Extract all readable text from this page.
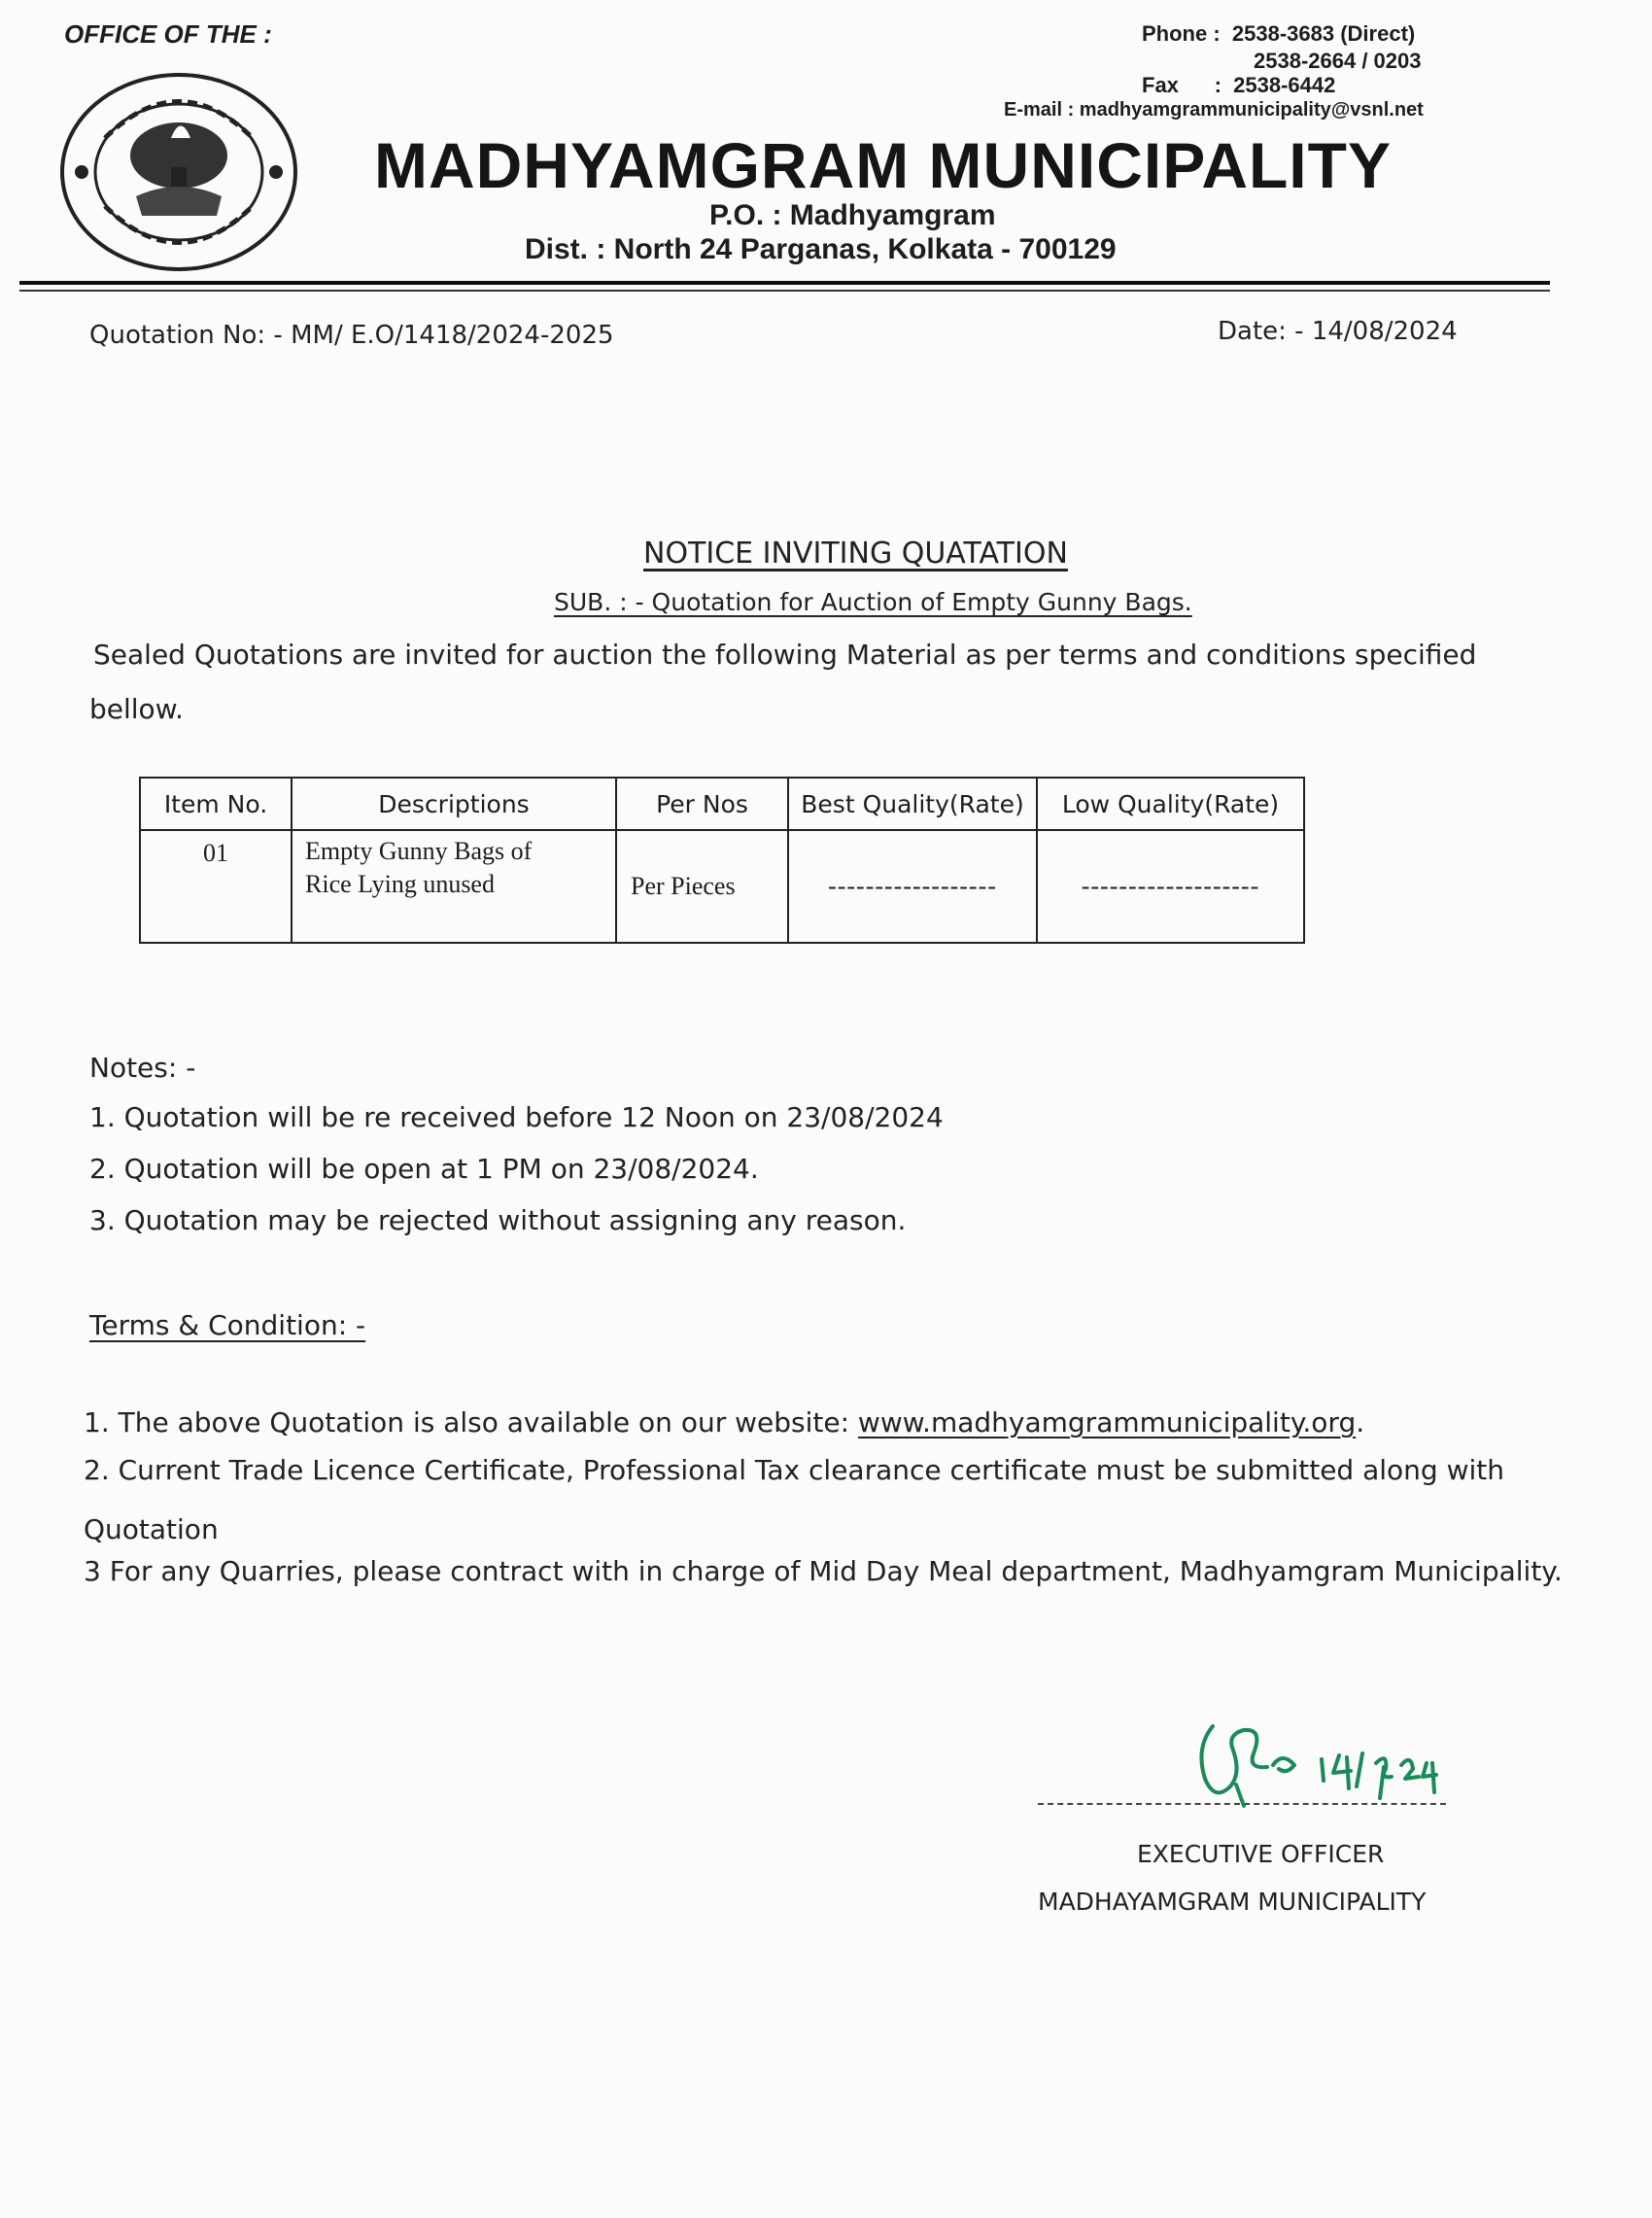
OFFICE OF THE :	Phone :  2538-3683 (Direct)
2538-2664 / 0203
Fax      :  2538-6442
E-mail : madhyamgrammunicipality@vsnl.net
MADHYAMGRAM MUNICIPALITY
P.O. : Madhyamgram
Dist. : North 24 Parganas, Kolkata - 700129
Quotation No: - MM/ E.O/1418/2024-2025	Date: - 14/08/2024
NOTICE INVITING QUATATION
SUB. : - Quotation for Auction of Empty Gunny Bags.
Sealed Quotations are invited for auction the following Material as per terms and conditions specified
bellow.
Item No.	Descriptions	Per Nos	Best Quality(Rate)	Low Quality(Rate)
01	Empty Gunny Bags of
Rice Lying unused	Per Pieces	------------------	-------------------
Notes: -
1. Quotation will be re received before 12 Noon on 23/08/2024
2. Quotation will be open at 1 PM on 23/08/2024.
3. Quotation may be rejected without assigning any reason.
Terms & Condition: -
1. The above Quotation is also available on our website: www.madhyamgrammunicipality.org.
2. Current Trade Licence Certificate, Professional Tax clearance certificate must be submitted along with
Quotation
3 For any Quarries, please contract with in charge of Mid Day Meal department, Madhyamgram Municipality.
EXECUTIVE OFFICER
MADHAYAMGRAM MUNICIPALITY
